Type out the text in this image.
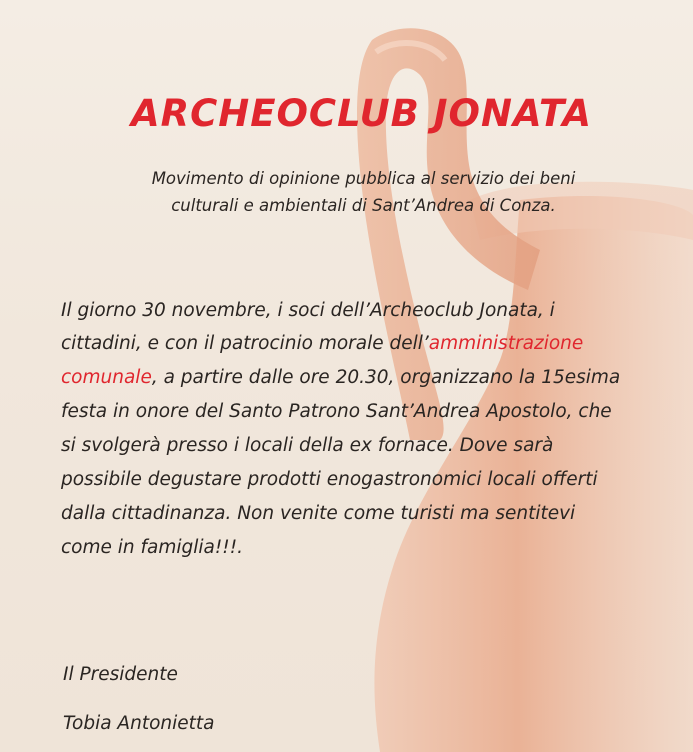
ARCHEOCLUB JONATA
Movimento di opinione pubblica al servizio dei beni
culturali e ambientali di Sant’Andrea di Conza.
Il giorno 30 novembre, i soci dell’Archeoclub Jonata, i
cittadini, e con il patrocinio morale dell’amministrazione
comunale, a partire dalle ore 20.30, organizzano la 15esima
festa in onore del Santo Patrono Sant’Andrea Apostolo, che
si svolgerà presso i locali della ex fornace. Dove sarà
possibile degustare prodotti enogastronomici locali offerti
dalla cittadinanza. Non venite come turisti ma sentitevi
come in famiglia!!!.
Il Presidente
Tobia Antonietta
